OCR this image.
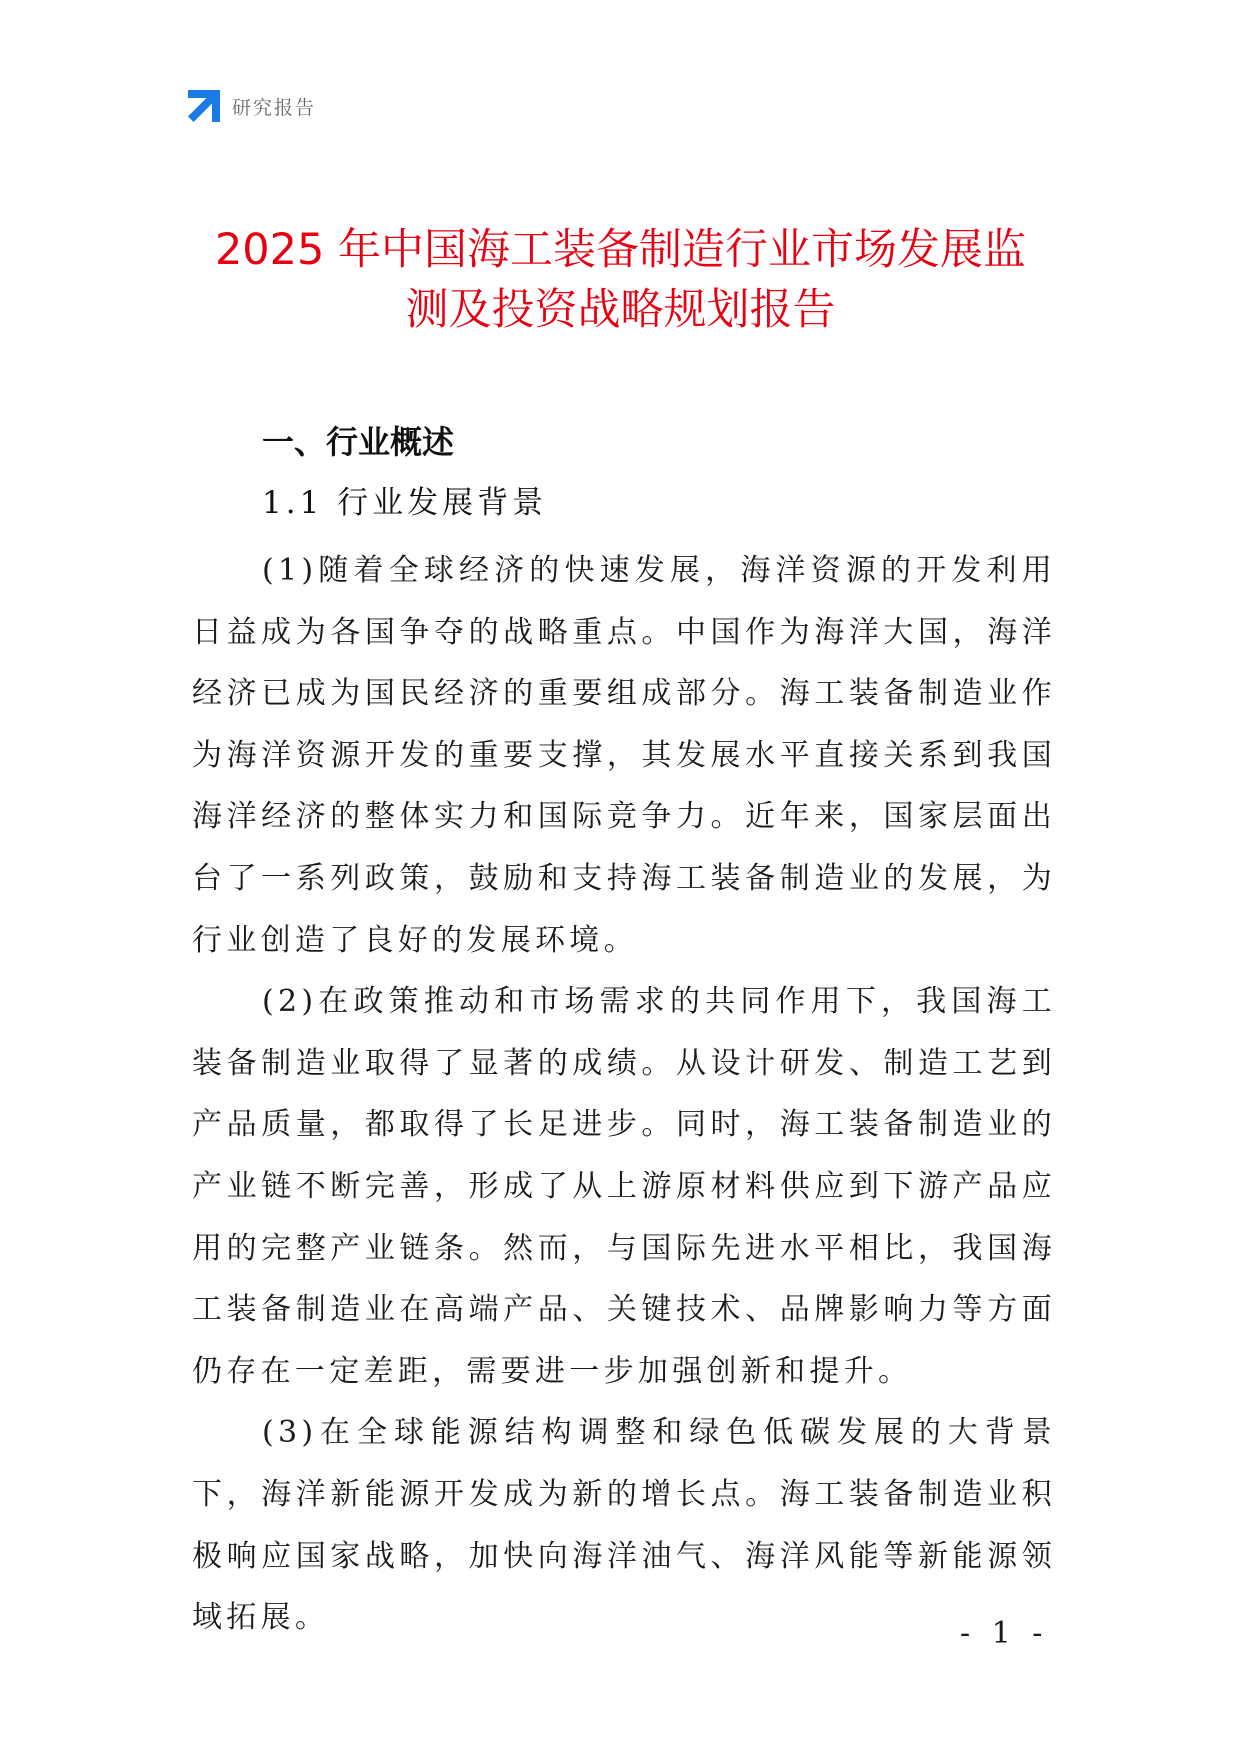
研究报告
2025 年中国海工装备制造行业市场发展监
测及投资战略规划报告
一、行业概述
1.1 行业发展背景

(1)随着全球经济的快速发展，海洋资源的开发利用日益成为各国争夺的战略重点。中国作为海洋大国，海洋经济已成为国民经济的重要组成部分。海工装备制造业作为海洋资源开发的重要支撑，其发展水平直接关系到我国海洋经济的整体实力和国际竞争力。近年来，国家层面出台了一系列政策，鼓励和支持海工装备制造业的发展，为行业创造了良好的发展环境。

(2)在政策推动和市场需求的共同作用下，我国海工装备制造业取得了显著的成绩。从设计研发、制造工艺到产品质量，都取得了长足进步。同时，海工装备制造业的产业链不断完善，形成了从上游原材料供应到下游产品应用的完整产业链条。然而，与国际先进水平相比，我国海工装备制造业在高端产品、关键技术、品牌影响力等方面仍存在一定差距，需要进一步加强创新和提升。

(3)在全球能源结构调整和绿色低碳发展的大背景下，海洋新能源开发成为新的增长点。海工装备制造业积极响应国家战略，加快向海洋油气、海洋风能等新能源领域拓展。	- 1 -
